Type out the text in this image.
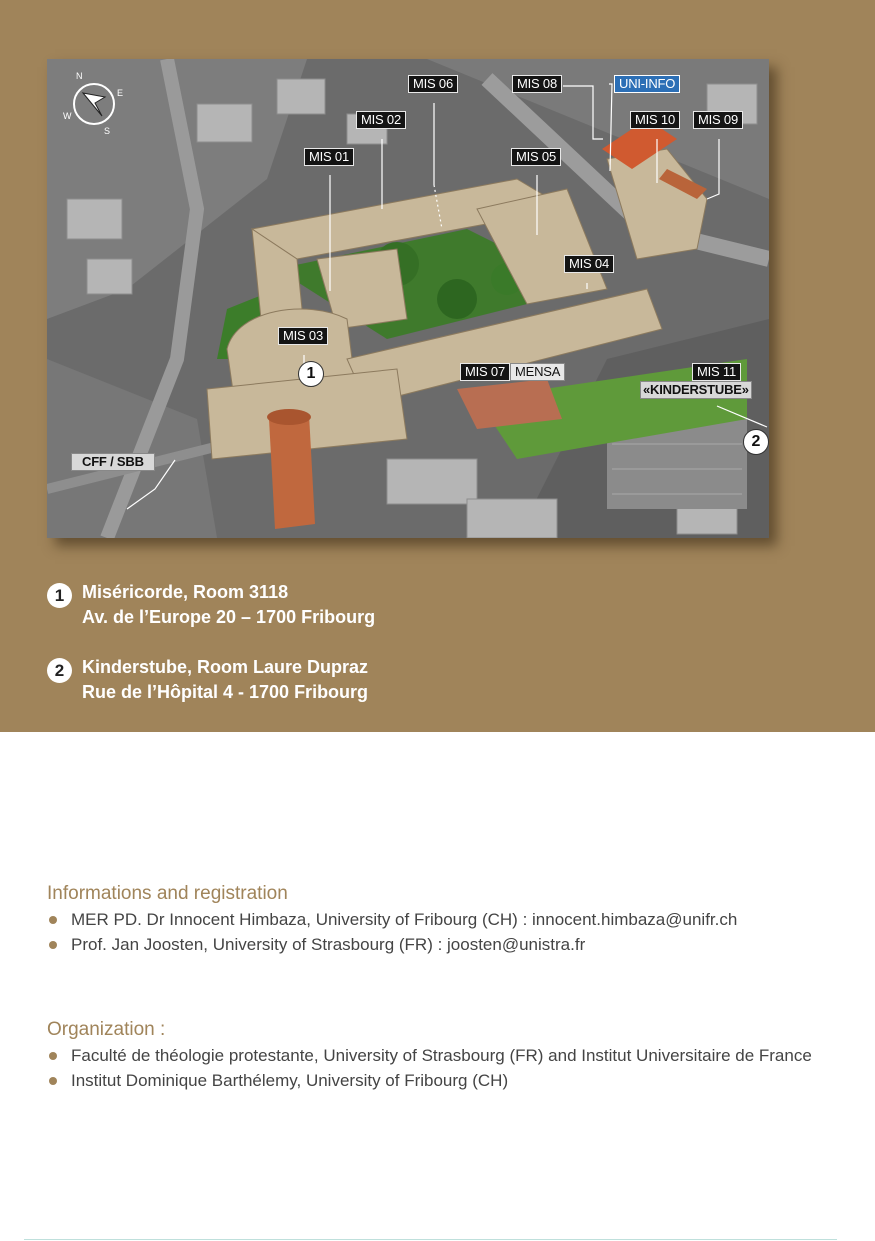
N
E
W
S
MIS 01
MIS 02
MIS 06	MIS 08	UNI-INFO
MIS 10	MIS 09
MIS 05
MIS 04
MIS 03
MIS 07 MENSA	MIS 11
«KINDERSTUBE»
CFF / SBB
1
2
1 Miséricorde, Room 3118
Av. de l’Europe 20 – 1700 Fribourg
2 Kinderstube, Room Laure Dupraz
Rue de l’Hôpital 4 - 1700 Fribourg
Informations and registration
MER PD. Dr Innocent Himbaza, University of Fribourg (CH) : innocent.himbaza@unifr.ch
Prof. Jan Joosten, University of Strasbourg (FR) : joosten@unistra.fr
Organization :
Faculté de théologie protestante, University of Strasbourg (FR) and Institut Universitaire de France
Institut Dominique Barthélemy, University of Fribourg (CH)
